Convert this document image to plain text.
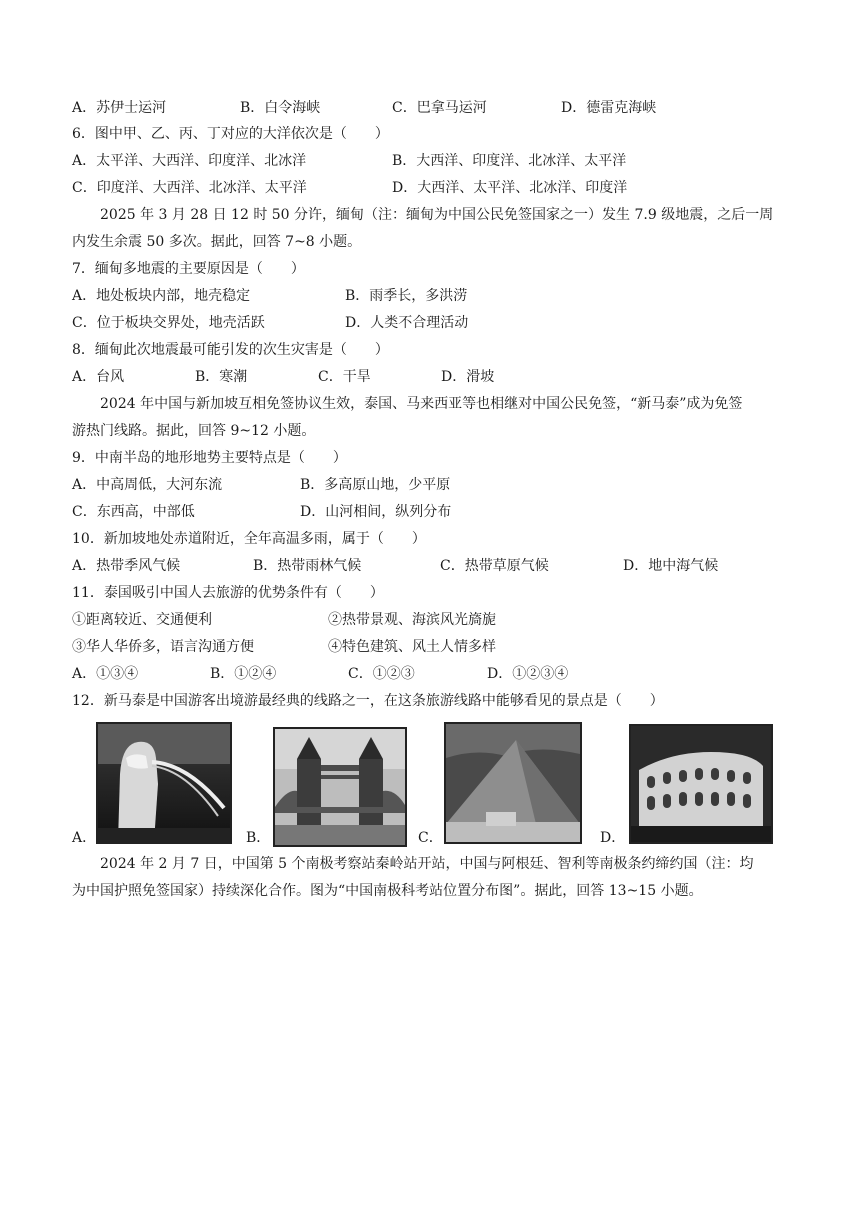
A．苏伊士运河	B．白令海峡	C．巴拿马运河	D．德雷克海峡
6．图中甲、乙、丙、丁对应的大洋依次是（　　）
A．太平洋、大西洋、印度洋、北冰洋	B．大西洋、印度洋、北冰洋、太平洋
C．印度洋、大西洋、北冰洋、太平洋	D．大西洋、太平洋、北冰洋、印度洋
2025 年 3 月 28 日 12 时 50 分许，缅甸（注：缅甸为中国公民免签国家之一）发生 7.9 级地震，之后一周
内发生余震 50 多次。据此，回答 7~8 小题。
7．缅甸多地震的主要原因是（　　）
A．地处板块内部，地壳稳定	B．雨季长，多洪涝
C．位于板块交界处，地壳活跃	D．人类不合理活动
8．缅甸此次地震最可能引发的次生灾害是（　　）
A．台风	B．寒潮	C．干旱	D．滑坡
2024 年中国与新加坡互相免签协议生效，泰国、马来西亚等也相继对中国公民免签，“新马泰”成为免签
游热门线路。据此，回答 9~12 小题。
9．中南半岛的地形地势主要特点是（　　）
A．中高周低，大河东流	B．多高原山地，少平原
C．东西高，中部低	D．山河相间，纵列分布
10．新加坡地处赤道附近，全年高温多雨，属于（　　）
A．热带季风气候	B．热带雨林气候	C．热带草原气候	D．地中海气候
11．泰国吸引中国人去旅游的优势条件有（　　）
①距离较近、交通便利	②热带景观、海滨风光旖旎
③华人华侨多，语言沟通方便	④特色建筑、风土人情多样
A．①③④	B．①②④	C．①②③	D．①②③④
12．新马泰是中国游客出境游最经典的线路之一，在这条旅游线路中能够看见的景点是（　　）
A．	B．	C．	D．
2024 年 2 月 7 日，中国第 5 个南极考察站秦岭站开站，中国与阿根廷、智利等南极条约缔约国（注：均
为中国护照免签国家）持续深化合作。图为“中国南极科考站位置分布图”。据此，回答 13~15 小题。
